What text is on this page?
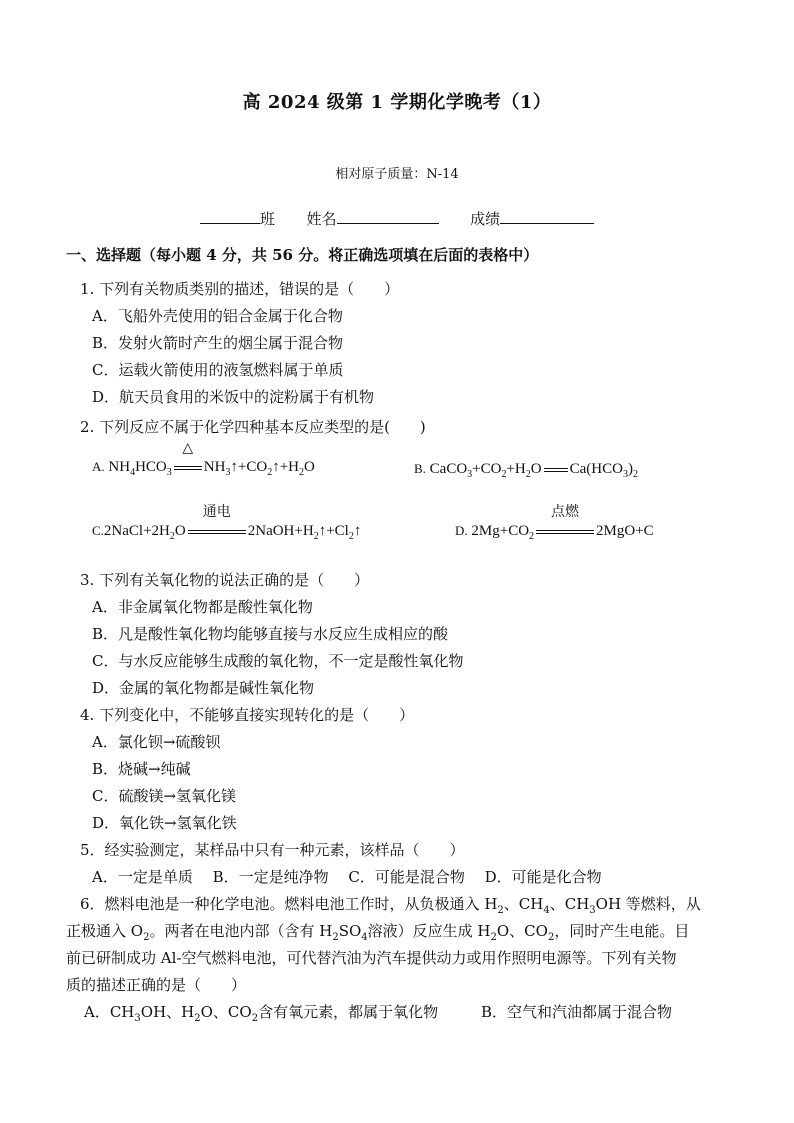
高 2024 级第 1 学期化学晚考（1）
相对原子质量：N-14
班 姓名	成绩
一、选择题（每小题 4 分，共 56 分。将正确选项填在后面的表格中）
1. 下列有关物质类别的描述，错误的是（　　）
A．飞船外壳使用的铝合金属于化合物
B．发射火箭时产生的烟尘属于混合物
C．运载火箭使用的液氢燃料属于单质
D．航天员食用的米饭中的淀粉属于有机物
2. 下列反应不属于化学四种基本反应类型的是(　　)
A. $NH_4HCO_3$
△
$NH_3↑+CO_2↑+H_2O$	B. $CaCO_3+CO_2+H_2O$ $Ca(HCO_3)_2$
$C.2NaCl+2H_2O$
通电
$2NaOH+H_2↑+Cl_2↑$	D. $2Mg+CO_2$
点燃
2MgO+C
3. 下列有关氧化物的说法正确的是（　　）
A．非金属氧化物都是酸性氧化物
B．凡是酸性氧化物均能够直接与水反应生成相应的酸
C．与水反应能够生成酸的氧化物，不一定是酸性氧化物
D．金属的氧化物都是碱性氧化物
4. 下列变化中，不能够直接实现转化的是（　　）
A．氯化钡→硫酸钡
B．烧碱→纯碱
C．硫酸镁→氢氧化镁
D．氧化铁→氢氧化铁
5．经实验测定，某样品中只有一种元素，该样品（　　）
A．一定是单质　 B．一定是纯净物　 C．可能是混合物　 D．可能是化合物
6．燃料电池是一种化学电池。燃料电池工作时，从负极通入 $H_2$、$CH_4$、$CH_3OH$ 等燃料，从
正极通入 $O_2$。两者在电池内部（含有 $H_2SO_4$溶液）反应生成 $H_2O$、$CO_2$，同时产生电能。目
前已研制成功 Al-空气燃料电池，可代替汽油为汽车提供动力或用作照明电源等。下列有关物
质的描述正确的是（　　）
A．$CH_3OH$、$H_2O$、$CO_2$含有氧元素，都属于氧化物	B．空气和汽油都属于混合物
